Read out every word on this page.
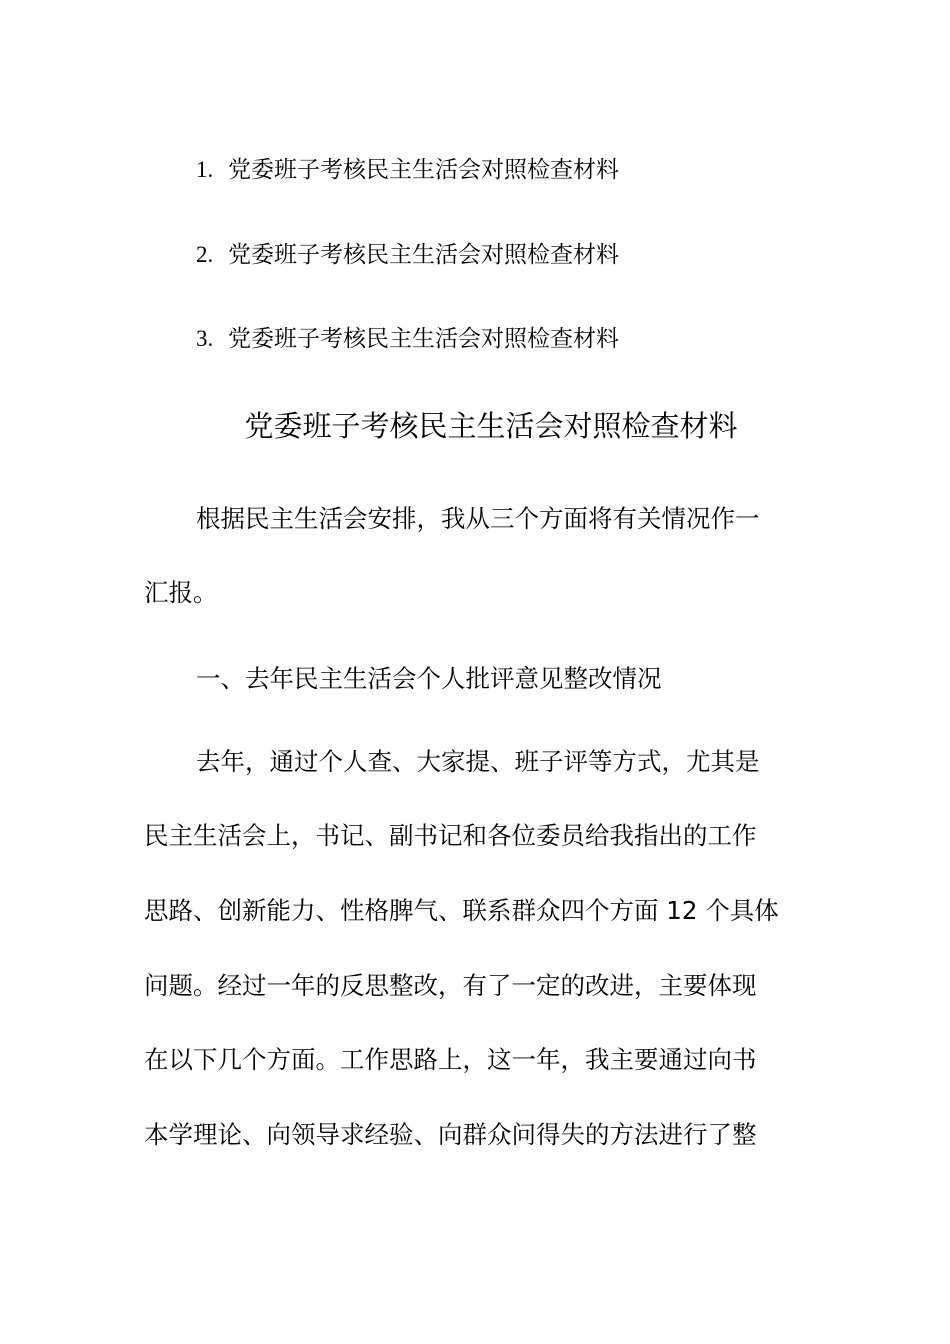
1. 党委班子考核民主生活会对照检查材料
2. 党委班子考核民主生活会对照检查材料
3. 党委班子考核民主生活会对照检查材料
党委班子考核民主生活会对照检查材料
根据民主生活会安排，我从三个方面将有关情况作一
汇报。
一、去年民主生活会个人批评意见整改情况
去年，通过个人查、大家提、班子评等方式，尤其是
民主生活会上，书记、副书记和各位委员给我指出的工作
思路、创新能力、性格脾气、联系群众四个方面 12 个具体
问题。经过一年的反思整改，有了一定的改进，主要体现
在以下几个方面。工作思路上，这一年，我主要通过向书
本学理论、向领导求经验、向群众问得失的方法进行了整
